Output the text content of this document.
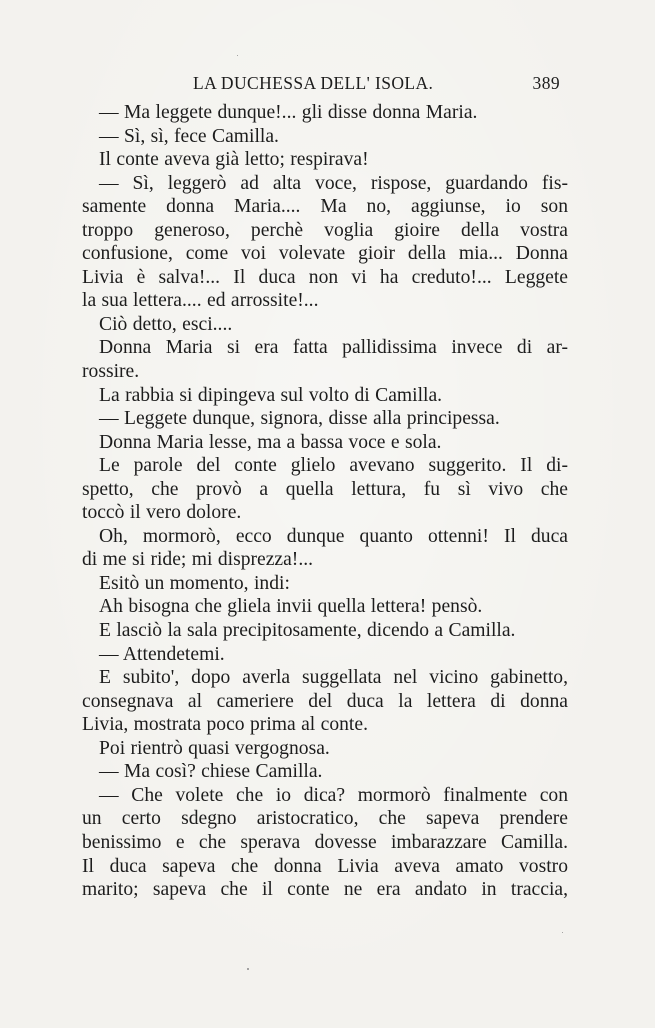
LA DUCHESSA DELL' ISOLA.	389
— Ma leggete dunque!... gli disse donna Maria.
— Sì, sì, fece Camilla.
Il conte aveva già letto; respirava!
— Sì, leggerò ad alta voce, rispose, guardando fis-
samente donna Maria.... Ma no, aggiunse, io son
troppo generoso, perchè voglia gioire della vostra
confusione, come voi volevate gioir della mia... Donna
Livia è salva!... Il duca non vi ha creduto!... Leggete
la sua lettera.... ed arrossite!...
Ciò detto, esci....
Donna Maria si era fatta pallidissima invece di ar-
rossire.
La rabbia si dipingeva sul volto di Camilla.
— Leggete dunque, signora, disse alla principessa.
Donna Maria lesse, ma a bassa voce e sola.
Le parole del conte glielo avevano suggerito. Il di-
spetto, che provò a quella lettura, fu sì vivo che
toccò il vero dolore.
Oh, mormorò, ecco dunque quanto ottenni! Il duca
di me si ride; mi disprezza!...
Esitò un momento, indi:
Ah bisogna che gliela invii quella lettera! pensò.
E lasciò la sala precipitosamente, dicendo a Camilla.
— Attendetemi.
E subito', dopo averla suggellata nel vicino gabinetto,
consegnava al cameriere del duca la lettera di donna
Livia, mostrata poco prima al conte.
Poi rientrò quasi vergognosa.
— Ma così? chiese Camilla.
— Che volete che io dica? mormorò finalmente con
un certo sdegno aristocratico, che sapeva prendere
benissimo e che sperava dovesse imbarazzare Camilla.
Il duca sapeva che donna Livia aveva amato vostro
marito; sapeva che il conte ne era andato in traccia,
